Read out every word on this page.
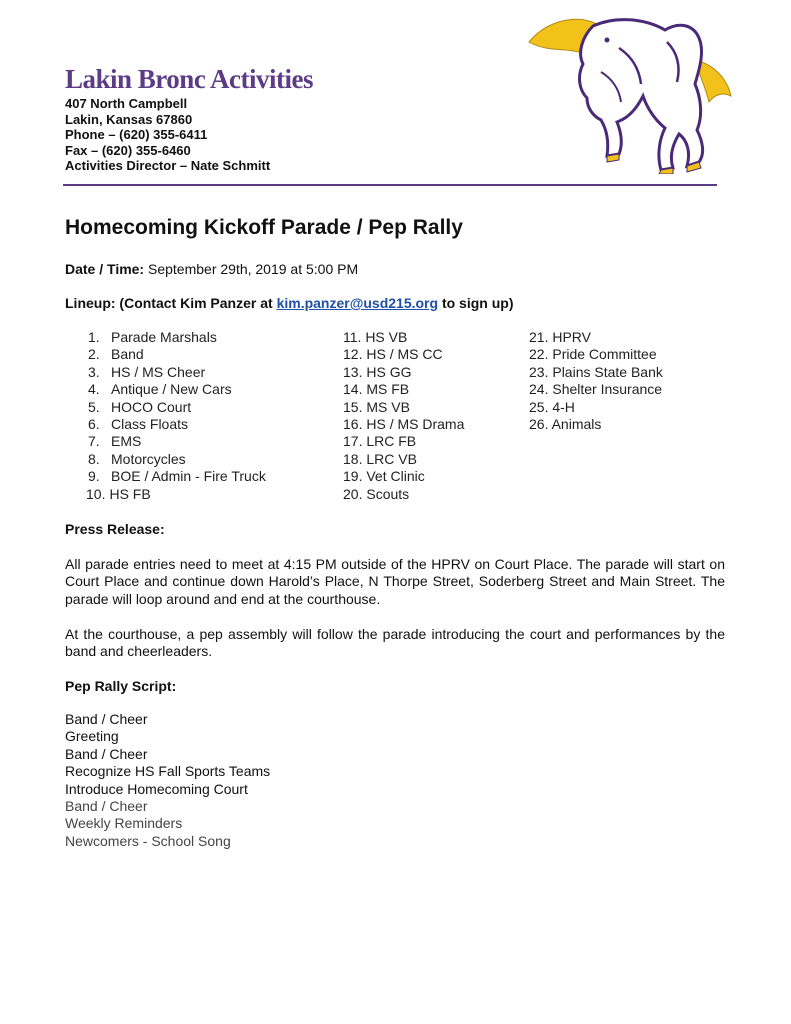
Lakin Bronc Activities
407 North Campbell
Lakin, Kansas 67860
Phone – (620) 355-6411
Fax – (620) 355-6460
Activities Director – Nate Schmitt
Homecoming Kickoff Parade / Pep Rally
Date / Time: September 29th, 2019 at 5:00 PM
Lineup: (Contact Kim Panzer at kim.panzer@usd215.org to sign up)
1. Parade Marshals
2. Band
3. HS / MS Cheer
4. Antique / New Cars
5. HOCO Court
6. Class Floats
7. EMS
8. Motorcycles
9. BOE / Admin - Fire Truck
10. HS FB
11. HS VB
12. HS / MS CC
13. HS GG
14. MS FB
15. MS VB
16. HS / MS Drama
17. LRC FB
18. LRC VB
19. Vet Clinic
20. Scouts
21. HPRV
22. Pride Committee
23. Plains State Bank
24. Shelter Insurance
25. 4-H
26. Animals
Press Release:
All parade entries need to meet at 4:15 PM outside of the HPRV on Court Place. The parade will start on Court Place and continue down Harold’s Place, N Thorpe Street, Soderberg Street and Main Street. The parade will loop around and end at the courthouse.
At the courthouse, a pep assembly will follow the parade introducing the court and performances by the band and cheerleaders.
Pep Rally Script:
Band / Cheer
Greeting
Band / Cheer
Recognize HS Fall Sports Teams
Introduce Homecoming Court
Band / Cheer
Weekly Reminders
Newcomers - School Song
